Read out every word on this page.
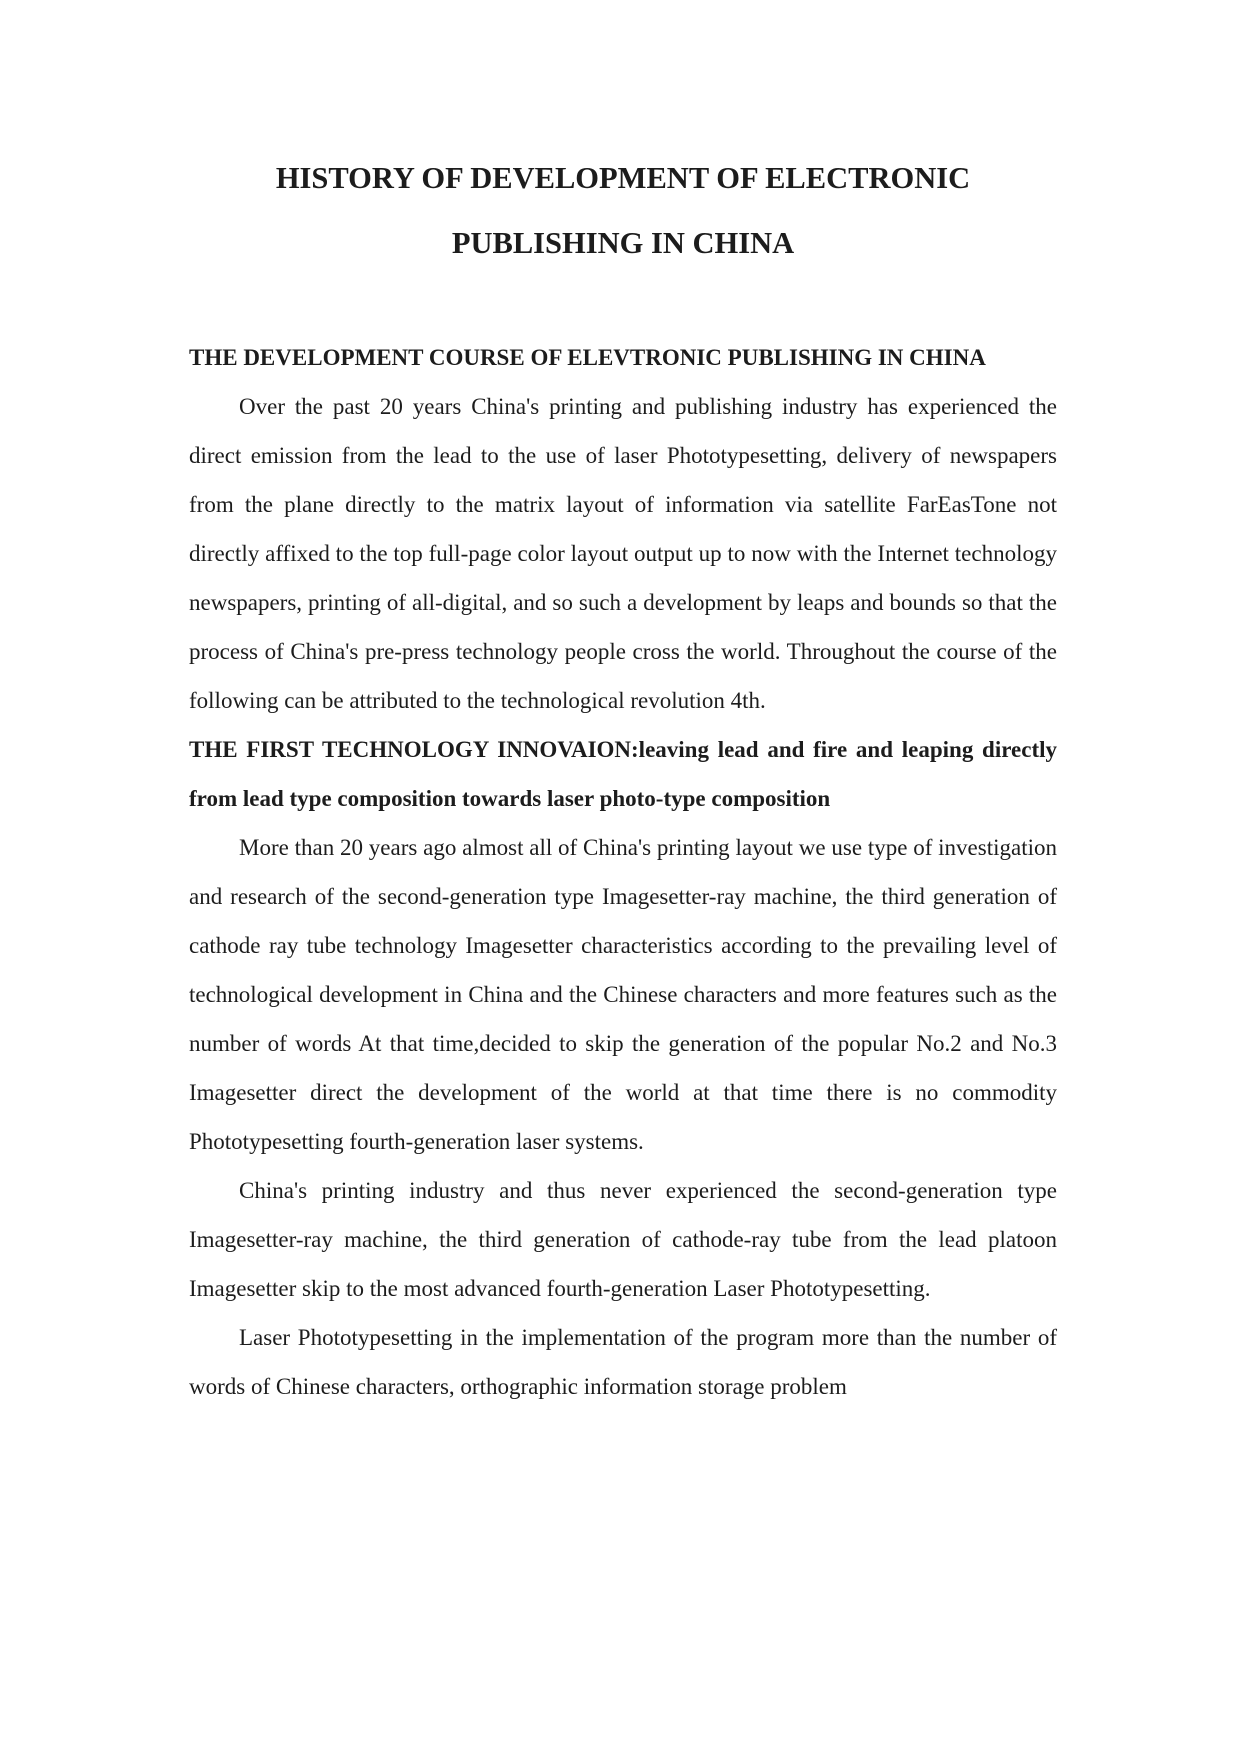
HISTORY OF DEVELOPMENT OF ELECTRONIC
PUBLISHING IN CHINA

THE DEVELOPMENT COURSE OF ELEVTRONIC PUBLISHING IN CHINA

Over the past 20 years China's printing and publishing industry has experienced the direct emission from the lead to the use of laser Phototypesetting, delivery of newspapers from the plane directly to the matrix layout of information via satellite FarEasTone not directly affixed to the top full-page color layout output up to now with the Internet technology newspapers, printing of all-digital, and so such a development by leaps and bounds so that the process of China's pre-press technology people cross the world. Throughout the course of the following can be attributed to the technological revolution 4th.

THE FIRST TECHNOLOGY INNOVAION:leaving lead and fire and leaping directly from lead type composition towards laser photo-type composition

More than 20 years ago almost all of China's printing layout we use type of investigation and research of the second-generation type Imagesetter-ray machine, the third generation of cathode ray tube technology Imagesetter characteristics according to the prevailing level of technological development in China and the Chinese characters and more features such as the number of words At that time,decided to skip the generation of the popular No.2 and No.3 Imagesetter direct the development of the world at that time there is no commodity Phototypesetting fourth-generation laser systems.

China's printing industry and thus never experienced the second-generation type Imagesetter-ray machine, the third generation of cathode-ray tube from the lead platoon Imagesetter skip to the most advanced fourth-generation Laser Phototypesetting.

Laser Phototypesetting in the implementation of the program more than the number of words of Chinese characters, orthographic information storage problem
